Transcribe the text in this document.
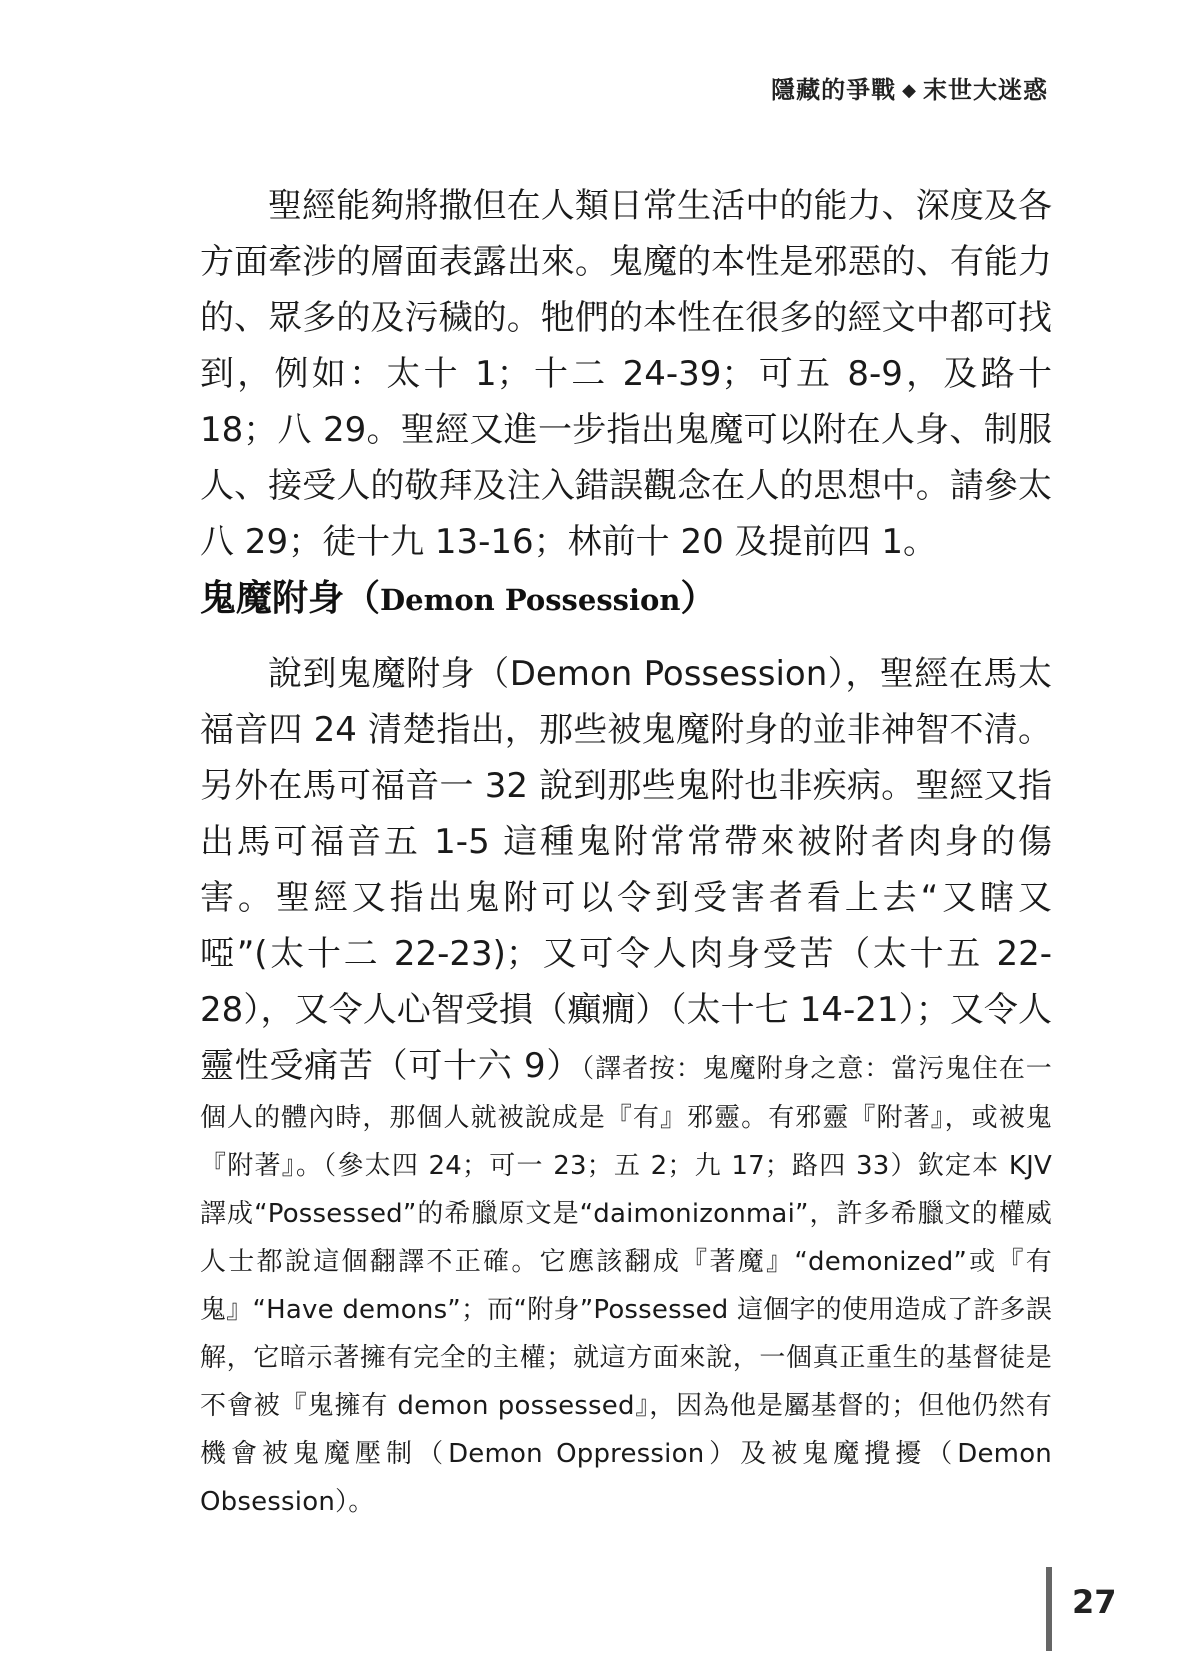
隱藏的爭戰 ◆ 末世大迷惑

聖經能夠將撒但在人類日常生活中的能力、深度及各方面牽涉的層面表露出來。鬼魔的本性是邪惡的、有能力的、眾多的及污穢的。牠們的本性在很多的經文中都可找到，例如：太十 1；十二 24-39；可五 8-9，及路十 18；八 29。聖經又進一步指出鬼魔可以附在人身、制服人、接受人的敬拜及注入錯誤觀念在人的思想中。請參太八 29；徒十九 13-16；林前十 20 及提前四 1。

鬼魔附身（Demon Possession）

說到鬼魔附身（Demon Possession），聖經在馬太福音四 24 清楚指出，那些被鬼魔附身的並非神智不清。另外在馬可福音一 32 說到那些鬼附也非疾病。聖經又指出馬可福音五 1-5 這種鬼附常常帶來被附者肉身的傷害。聖經又指出鬼附可以令到受害者看上去“又瞎又啞”(太十二 22-23)；又可令人肉身受苦（太十五 22-28），又令人心智受損（癲癇）（太十七 14-21）；又令人靈性受痛苦（可十六 9）（譯者按：鬼魔附身之意：當污鬼住在一個人的體內時，那個人就被說成是『有』邪靈。有邪靈『附著』，或被鬼『附著』。（參太四 24；可一 23；五 2；九 17；路四 33）欽定本 KJV 譯成“Possessed”的希臘原文是“daimonizonmai”，許多希臘文的權威人士都說這個翻譯不正確。它應該翻成『著魔』“demonized”或『有鬼』“Have demons”；而“附身”Possessed 這個字的使用造成了許多誤解，它暗示著擁有完全的主權；就這方面來說，一個真正重生的基督徒是不會被『鬼擁有 demon possessed』，因為他是屬基督的；但他仍然有機會被鬼魔壓制（Demon Oppression）及被鬼魔攪擾（Demon Obsession）。

27
